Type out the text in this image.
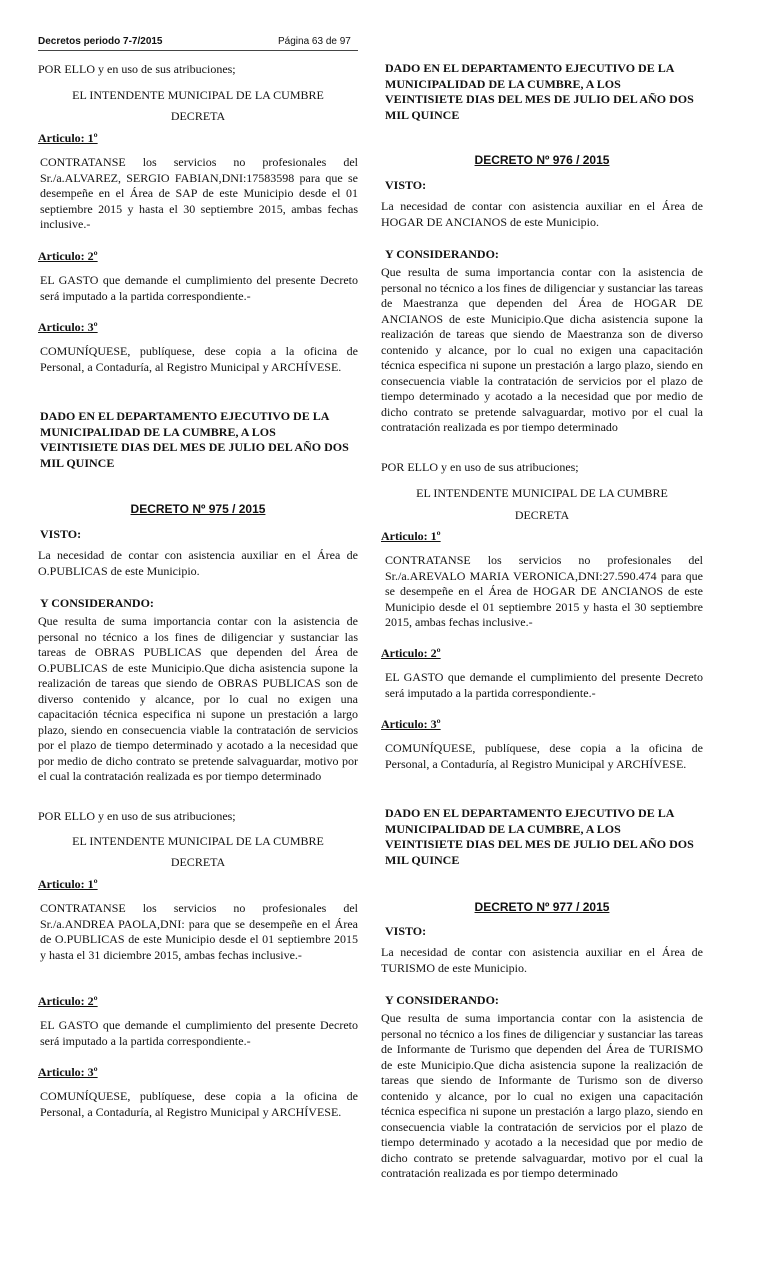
Decretos periodo 7-7/2015	Página 63 de 97

POR ELLO y en uso de sus atribuciones;

EL INTENDENTE MUNICIPAL DE LA CUMBRE
DECRETA
Articulo: 1º

CONTRATANSE los servicios no profesionales del Sr./a.ALVAREZ, SERGIO FABIAN,DNI:17583598 para que se desempeñe en el Área de SAP de este Municipio desde el 01 septiembre 2015 y hasta el 30 septiembre 2015, ambas fechas inclusive.-

Articulo: 2º

EL GASTO que demande el cumplimiento del presente Decreto será imputado a la partida correspondiente.-

Articulo: 3º

COMUNÍQUESE, publíquese, dese copia a la oficina de Personal, a Contaduría, al Registro Municipal y ARCHÍVESE.

DADO EN EL DEPARTAMENTO EJECUTIVO DE LA MUNICIPALIDAD DE LA CUMBRE, A LOS VEINTISIETE DIAS DEL MES DE JULIO DEL AÑO DOS MIL QUINCE

DECRETO Nº 975 / 2015
VISTO:

La necesidad de contar con asistencia auxiliar en el Área de O.PUBLICAS de este Municipio.

Y CONSIDERANDO:

Que resulta de suma importancia contar con la asistencia de personal no técnico a los fines de diligenciar y sustanciar las tareas de OBRAS PUBLICAS que dependen del Área de O.PUBLICAS de este Municipio.Que dicha asistencia supone la realización de tareas que siendo de OBRAS PUBLICAS son de diverso contenido y alcance, por lo cual no exigen una capacitación técnica especifica ni supone un prestación a largo plazo, siendo en consecuencia viable la contratación de servicios por el plazo de tiempo determinado y acotado a la necesidad que por medio de dicho contrato se pretende salvaguardar, motivo por el cual la contratación realizada es por tiempo determinado

POR ELLO y en uso de sus atribuciones;

EL INTENDENTE MUNICIPAL DE LA CUMBRE
DECRETA
Articulo: 1º

CONTRATANSE los servicios no profesionales del Sr./a.ANDREA PAOLA,DNI: para que se desempeñe en el Área de O.PUBLICAS de este Municipio desde el 01 septiembre 2015 y hasta el 31 diciembre 2015, ambas fechas inclusive.-

Articulo: 2º

EL GASTO que demande el cumplimiento del presente Decreto será imputado a la partida correspondiente.-

Articulo: 3º

COMUNÍQUESE, publíquese, dese copia a la oficina de Personal, a Contaduría, al Registro Municipal y ARCHÍVESE.

DADO EN EL DEPARTAMENTO EJECUTIVO DE LA MUNICIPALIDAD DE LA CUMBRE, A LOS VEINTISIETE DIAS DEL MES DE JULIO DEL AÑO DOS MIL QUINCE

DECRETO Nº 976 / 2015
VISTO:

La necesidad de contar con asistencia auxiliar en el Área de HOGAR DE ANCIANOS de este Municipio.

Y CONSIDERANDO:

Que resulta de suma importancia contar con la asistencia de personal no técnico a los fines de diligenciar y sustanciar las tareas de Maestranza que dependen del Área de HOGAR DE ANCIANOS de este Municipio.Que dicha asistencia supone la realización de tareas que siendo de Maestranza son de diverso contenido y alcance, por lo cual no exigen una capacitación técnica especifica ni supone un prestación a largo plazo, siendo en consecuencia viable la contratación de servicios por el plazo de tiempo determinado y acotado a la necesidad que por medio de dicho contrato se pretende salvaguardar, motivo por el cual la contratación realizada es por tiempo determinado

POR ELLO y en uso de sus atribuciones;

EL INTENDENTE MUNICIPAL DE LA CUMBRE
DECRETA
Articulo: 1º

CONTRATANSE los servicios no profesionales del Sr./a.AREVALO MARIA VERONICA,DNI:27.590.474 para que se desempeñe en el Área de HOGAR DE ANCIANOS de este Municipio desde el 01 septiembre 2015 y hasta el 30 septiembre 2015, ambas fechas inclusive.-

Articulo: 2º

EL GASTO que demande el cumplimiento del presente Decreto será imputado a la partida correspondiente.-

Articulo: 3º

COMUNÍQUESE, publíquese, dese copia a la oficina de Personal, a Contaduría, al Registro Municipal y ARCHÍVESE.

DADO EN EL DEPARTAMENTO EJECUTIVO DE LA MUNICIPALIDAD DE LA CUMBRE, A LOS VEINTISIETE DIAS DEL MES DE JULIO DEL AÑO DOS MIL QUINCE

DECRETO Nº 977 / 2015
VISTO:

La necesidad de contar con asistencia auxiliar en el Área de TURISMO de este Municipio.

Y CONSIDERANDO:

Que resulta de suma importancia contar con la asistencia de personal no técnico a los fines de diligenciar y sustanciar las tareas de Informante de Turismo que dependen del Área de TURISMO de este Municipio.Que dicha asistencia supone la realización de tareas que siendo de Informante de Turismo son de diverso contenido y alcance, por lo cual no exigen una capacitación técnica especifica ni supone un prestación a largo plazo, siendo en consecuencia viable la contratación de servicios por el plazo de tiempo determinado y acotado a la necesidad que por medio de dicho contrato se pretende salvaguardar, motivo por el cual la contratación realizada es por tiempo determinado
